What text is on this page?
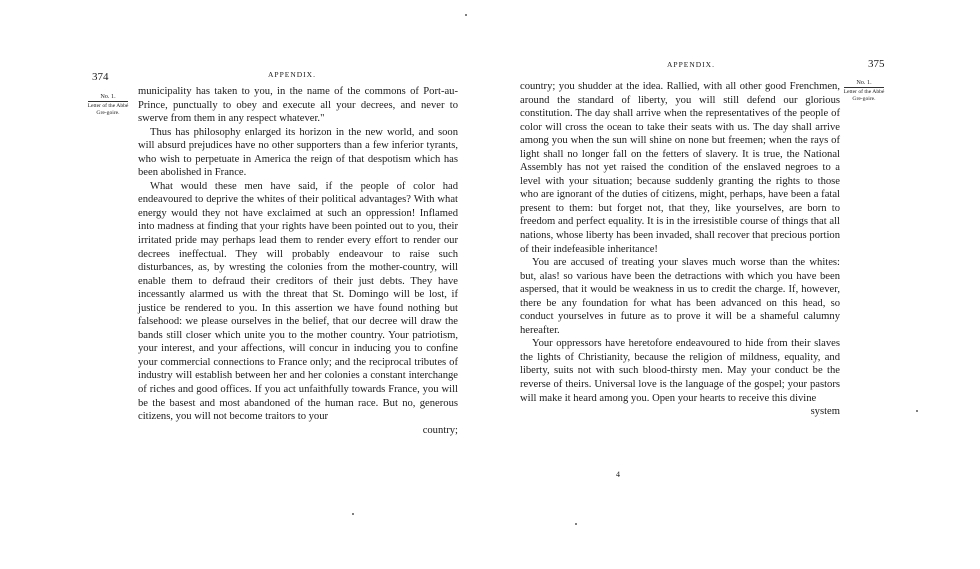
374	APPENDIX.
No. 1.
Letter of the Abbé Gre-goire.

municipality has taken to you, in the name of the commons of Port-au-Prince, punctually to obey and execute all your decrees, and never to swerve from them in any respect whatever."

Thus has philosophy enlarged its horizon in the new world, and soon will absurd prejudices have no other supporters than a few inferior tyrants, who wish to perpetuate in America the reign of that despotism which has been abolished in France.

What would these men have said, if the people of color had endeavoured to deprive the whites of their political advantages? With what energy would they not have exclaimed at such an oppression! Inflamed into madness at finding that your rights have been pointed out to you, their irritated pride may perhaps lead them to render every effort to render our decrees ineffectual. They will probably endeavour to raise such disturbances, as, by wresting the colonies from the mother-country, will enable them to defraud their creditors of their just debts. They have incessantly alarmed us with the threat that St. Domingo will be lost, if justice be rendered to you. In this assertion we have found nothing but falsehood: we please ourselves in the belief, that our decree will draw the bands still closer which unite you to the mother country. Your patriotism, your interest, and your affections, will concur in inducing you to confine your commercial connections to France only; and the reciprocal tributes of industry will establish between her and her colonies a constant interchange of riches and good offices. If you act unfaithfully towards France, you will be the basest and most abandoned of the human race. But no, generous citizens, you will not become traitors to your

country;

375
APPENDIX.
No. 1.
Letter of the Abbé Gre-goire.

country; you shudder at the idea. Rallied, with all other good Frenchmen, around the standard of liberty, you will still defend our glorious constitution. The day shall arrive when the representatives of the people of color will cross the ocean to take their seats with us. The day shall arrive among you when the sun will shine on none but freemen; when the rays of light shall no longer fall on the fetters of slavery. It is true, the National Assembly has not yet raised the condition of the enslaved negroes to a level with your situation; because suddenly granting the rights to those who are ignorant of the duties of citizens, might, perhaps, have been a fatal present to them: but forget not, that they, like yourselves, are born to freedom and perfect equality. It is in the irresistible course of things that all nations, whose liberty has been invaded, shall recover that precious portion of their indefeasible inheritance!

You are accused of treating your slaves much worse than the whites: but, alas! so various have been the detractions with which you have been aspersed, that it would be weakness in us to credit the charge. If, however, there be any foundation for what has been advanced on this head, so conduct yourselves in future as to prove it will be a shameful calumny hereafter.

Your oppressors have heretofore endeavoured to hide from their slaves the lights of Christianity, because the religion of mildness, equality, and liberty, suits not with such blood-thirsty men. May your conduct be the reverse of theirs. Universal love is the language of the gospel; your pastors will make it heard among you. Open your hearts to receive this divine

system

4
